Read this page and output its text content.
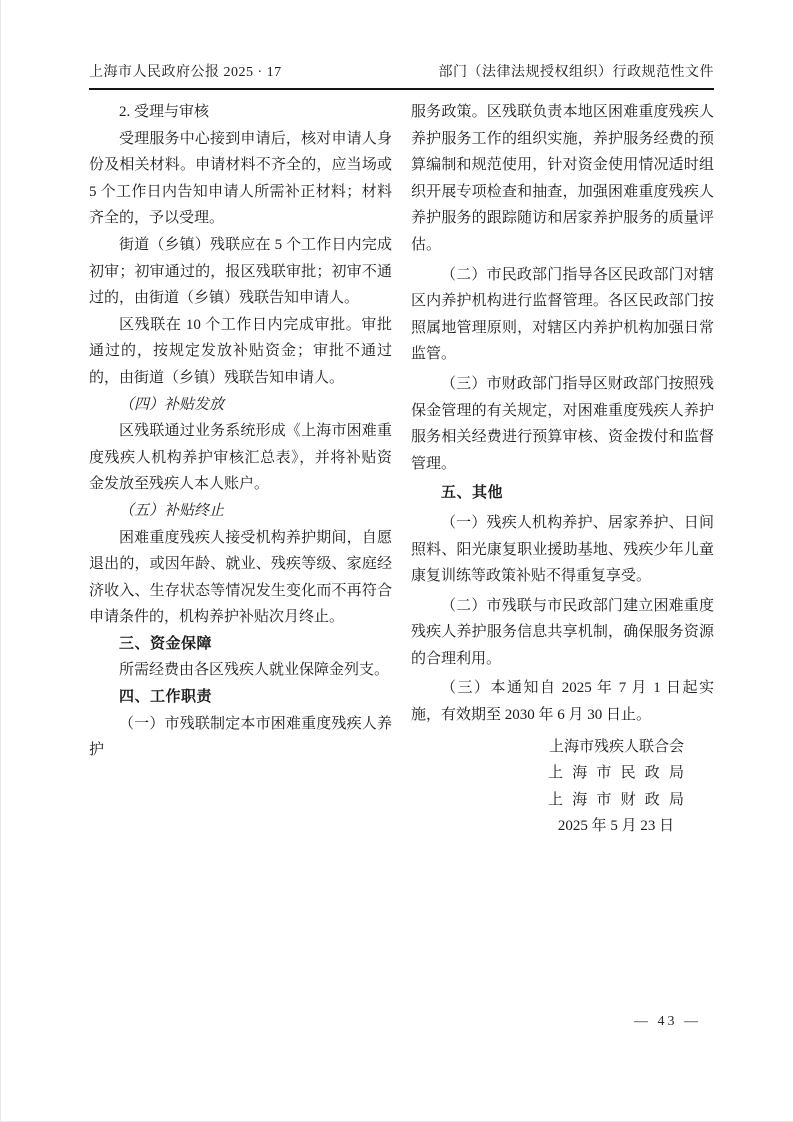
上海市人民政府公报 2025 · 17	部门（法律法规授权组织）行政规范性文件

2. 受理与审核

受理服务中心接到申请后，核对申请人身份及相关材料。申请材料不齐全的，应当场或 5 个工作日内告知申请人所需补正材料；材料齐全的，予以受理。

街道（乡镇）残联应在 5 个工作日内完成初审；初审通过的，报区残联审批；初审不通过的，由街道（乡镇）残联告知申请人。

区残联在 10 个工作日内完成审批。审批通过的，按规定发放补贴资金；审批不通过的，由街道（乡镇）残联告知申请人。

（四）补贴发放

区残联通过业务系统形成《上海市困难重度残疾人机构养护审核汇总表》，并将补贴资金发放至残疾人本人账户。

（五）补贴终止

困难重度残疾人接受机构养护期间，自愿退出的，或因年龄、就业、残疾等级、家庭经济收入、生存状态等情况发生变化而不再符合申请条件的，机构养护补贴次月终止。

三、资金保障

所需经费由各区残疾人就业保障金列支。

四、工作职责

（一）市残联制定本市困难重度残疾人养护

服务政策。区残联负责本地区困难重度残疾人养护服务工作的组织实施，养护服务经费的预算编制和规范使用，针对资金使用情况适时组织开展专项检查和抽查，加强困难重度残疾人养护服务的跟踪随访和居家养护服务的质量评估。

（二）市民政部门指导各区民政部门对辖区内养护机构进行监督管理。各区民政部门按照属地管理原则，对辖区内养护机构加强日常监管。

（三）市财政部门指导区财政部门按照残保金管理的有关规定，对困难重度残疾人养护服务相关经费进行预算审核、资金拨付和监督管理。

五、其他

（一）残疾人机构养护、居家养护、日间照料、阳光康复职业援助基地、残疾少年儿童康复训练等政策补贴不得重复享受。

（二）市残联与市民政部门建立困难重度残疾人养护服务信息共享机制，确保服务资源的合理利用。

（三）本通知自 2025 年 7 月 1 日起实施，有效期至 2030 年 6 月 30 日止。

上海市残疾人联合会

上海市民政局

上海市财政局

2025 年 5 月 23 日

— 43 —
